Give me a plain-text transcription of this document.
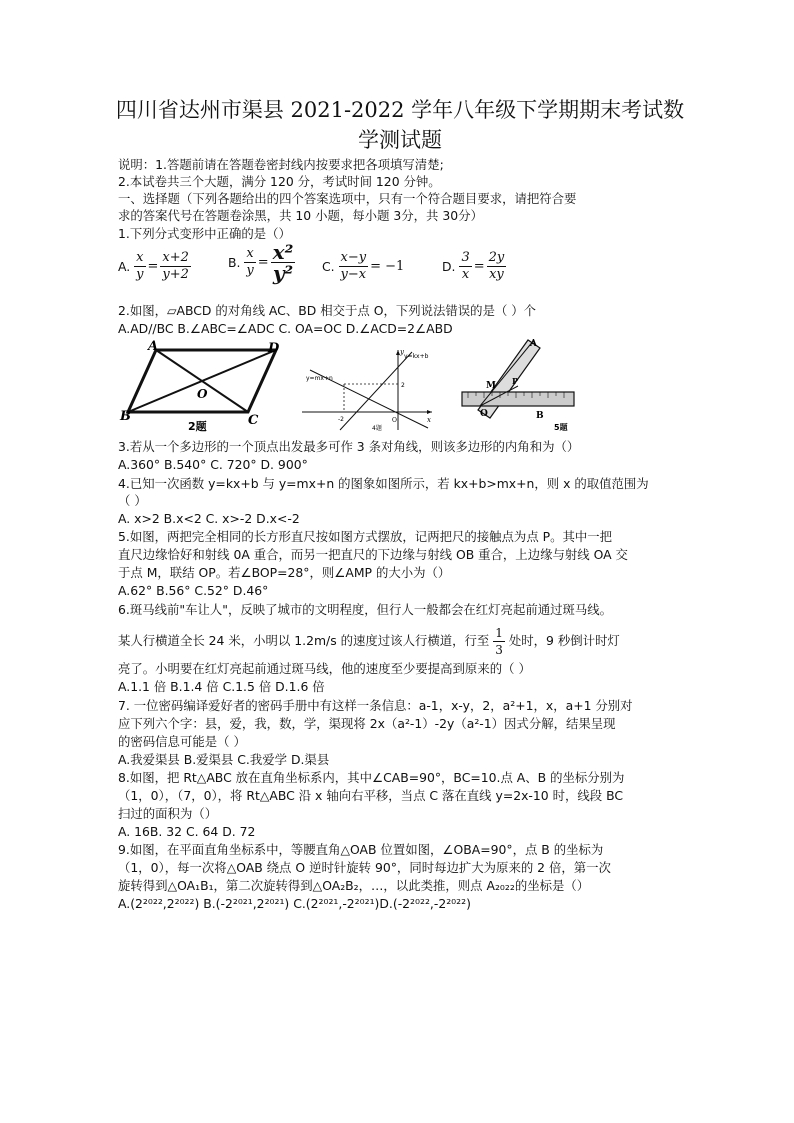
四川省达州市渠县 2021-2022 学年八年级下学期期末考试数
学测试题
说明：1.答题前请在答题卷密封线内按要求把各项填写清楚;
2.本试卷共三个大题，满分 120 分，考试时间 120 分钟。
一、选择题（下列各题给出的四个答案选项中，只有一个符合题目要求，请把符合要
求的答案代号在答题卷涂黑，共 10 小题，每小题 3分，共 30分）
1.下列分式变形中正确的是（）
A. $\frac{x}{y} = \frac{x+2}{y+2}$	B. $\frac{x}{y} = \frac{\text{x²}}{\text{y²}} C$. $\frac{x-y}{y-x} = -1$	D. $\frac{3}{x} = \frac{2y}{xy}$
2.如图，▱ABCD 的对角线 AC、BD 相交于点 O，下列说法错误的是（ ）个
A.AD//BC B.∠ABC=∠ADC C. OA=OC D.∠ACD=2∠ABD
A	D
B	C
O
2题
y
x
O
y=kx+b
y=mx+n
2
-2
4题
A
B
M P
O
5题
3.若从一个多边形的一个顶点出发最多可作 3 条对角线，则该多边形的内角和为（）
A.360° B.540° C. 720° D. 900°
4.已知一次函数 y=kx+b 与 y=mx+n 的图象如图所示，若 kx+b>mx+n，则 x 的取值范围为
（ ）
A. x>2 B.x<2 C. x>-2 D.x<-2
5.如图，两把完全相同的长方形直尺按如图方式摆放，记两把尺的接触点为点 P。其中一把
直尺边缘恰好和射线 0A 重合，而另一把直尺的下边缘与射线 OB 重合，上边缘与射线 OA 交
于点 M，联结 OP。若∠BOP=28°，则∠AMP 的大小为（）
A.62° B.56° C.52° D.46°
6.斑马线前"车让人"，反映了城市的文明程度，但行人一般都会在红灯亮起前通过斑马线。
某人行横道全长 24 米，小明以 1.2m/s 的速度过该人行横道，行至 $\frac{1}{3}$ 处时，9 秒倒计时灯
亮了。小明要在红灯亮起前通过斑马线，他的速度至少要提高到原来的（ ）
A.1.1 倍 B.1.4 倍 C.1.5 倍 D.1.6 倍
7. 一位密码编译爱好者的密码手册中有这样一条信息：a-1，x-y，2，a²+1，x，a+1 分别对
应下列六个字：县，爱，我，数，学，渠现将 2x（a²-1）-2y（a²-1）因式分解，结果呈现
的密码信息可能是（ ）
A.我爱渠县 B.爱渠县 C.我爱学 D.渠县
8.如图，把 Rt△ABC 放在直角坐标系内，其中∠CAB=90°，BC=10.点 A、B 的坐标分别为
（1，0），（7，0），将 Rt△ABC 沿 x 轴向右平移，当点 C 落在直线 y=2x-10 时，线段 BC
扫过的面积为（）
A. 16B. 32 C. 64 D. 72
9.如图，在平面直角坐标系中，等腰直角△OAB 位置如图，∠OBA=90°，点 B 的坐标为
（1，0），每一次将△OAB 绕点 O 逆时针旋转 90°，同时每边扩大为原来的 2 倍，第一次
旋转得到△OA₁B₁，第二次旋转得到△OA₂B₂，…，以此类推，则点 A₂₀₂₂的坐标是（）
A.(2²⁰²²,2²⁰²²) B.(-2²⁰²¹,2²⁰²¹) C.(2²⁰²¹,-2²⁰²¹)D.(-2²⁰²²,-2²⁰²²)
